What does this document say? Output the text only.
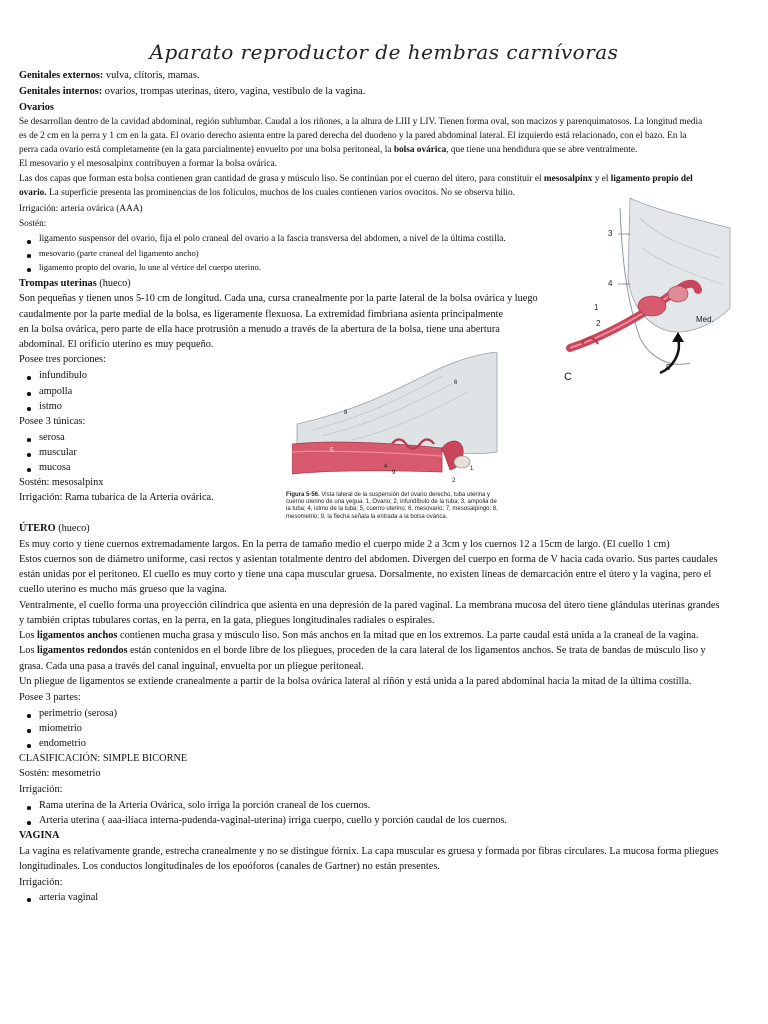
Aparato reproductor de hembras carnívoras
Genitales externos: vulva, clítoris, mamas.
Genitales internos: ovarios, trompas uterinas, útero, vagina, vestíbulo de la vagina.
Ovarios
Se desarrollan dentro de la cavidad abdominal, región sublumbar. Caudal a los riñones, a la altura de LIII y LIV. Tienen forma oval, son macizos y parenquimatosos. La longitud media
es de 2 cm en la perra y 1 cm en la gata. El ovario derecho asienta entre la pared derecha del duodeno y la pared abdominal lateral. El izquierdo está relacionado, con el bazo. En la
perra cada ovario está completamente (en la gata parcialmente) envuelto por una bolsa peritoneal, la bolsa ovárica, que tiene una hendidura que se abre ventralmente.
El mesovario y el mesosalpinx contribuyen a formar la bolsa ovárica.
Las dos capas que forman esta bolsa contienen gran cantidad de grasa y músculo liso. Se continúan por el cuerno del útero, para constituir el mesosalpinx y el ligamento propio del
ovario. La superficie presenta las prominencias de los folículos, muchos de los cuales contienen varios ovocitos. No se observa hilio.
Irrigación: arteria ovárica (AAA)
Sostén:
ligamento suspensor del ovario, fija el polo craneal del ovario a la fascia transversa del abdomen, a nivel de la última costilla.
mesovario (parte craneal del ligamento ancho)
ligamento propio del ovario, lo une al vértice del cuerpo uterino.
Trompas uterinas (hueco)
Son pequeñas y tienen unos 5-10 cm de longitud. Cada una, cursa cranealmente por la parte lateral de la bolsa ovárica y luego
caudalmente por la parte medial de la bolsa, es ligeramente flexuosa. La extremidad fimbriana asienta principalmente
en la bolsa ovárica, pero parte de ella hace protrusión a menudo a través de la abertura de la bolsa, tiene una abertura
abdominal. El orificio uterino es muy pequeño.
Posee tres porciones:
infundíbulo
ampolla
istmo
Posee 3 túnicas:
serosa
muscular
mucosa
Sostén: mesosalpinx
Irrigación: Rama tubarica de la Arteria ovárica.
8
6
5
4
9
2
1
Figura 5-56. Vista lateral de la suspensión del ovario derecho, tuba uterina y cuerno uterino de una yegua. 1, Ovario; 2, infundíbulo de la tuba; 3, ampolla de la tuba; 4, istmo de la tuba; 5, cuerno uterino; 6, mesovario; 7, mesosalpingo; 8, mesometrio; 9, la flecha señala la entrada a la bolsa ovárica.
3
4
1
2
5
Med.
C
ÚTERO (hueco)
Es muy corto y tiene cuernos extremadamente largos. En la perra de tamaño medio el cuerpo mide 2 a 3cm y los cuernos 12 a 15cm de largo. (El cuello 1 cm)
Estos cuernos son de diámetro uniforme, casi rectos y asientan totalmente dentro del abdomen. Divergen del cuerpo en forma de V hacia cada ovario. Sus partes caudales
están unidas por el peritoneo. El cuello es muy corto y tiene una capa muscular gruesa. Dorsalmente, no existen líneas de demarcación entre el útero y la vagina, pero el
cuello uterino es mucho más grueso que la vagina.
Ventralmente, el cuello forma una proyección cilíndrica que asienta en una depresión de la pared vaginal. La membrana mucosa del útero tiene glándulas uterinas grandes
y también criptas tubulares cortas, en la perra, en la gata, pliegues longitudinales radiales o espirales.
Los ligamentos anchos contienen mucha grasa y músculo liso. Son más anchos en la mitad que en los extremos. La parte caudal está unida a la craneal de la vagina.
Los ligamentos redondos están contenidos en el borde libre de los pliegues, proceden de la cara lateral de los ligamentos anchos. Se trata de bandas de músculo liso y
grasa. Cada una pasa a través del canal inguinal, envuelta por un pliegue peritoneal.
Un pliegue de ligamentos se extiende cranealmente a partir de la bolsa ovárica lateral al riñón y está unida a la pared abdominal hacia la mitad de la última costilla.
Posee 3 partes:
perimetrio (serosa)
miometrio
endometrio
CLASIFICACIÓN: SIMPLE BICORNE
Sostén: mesometrio
Irrigación:
Rama uterina de la Arteria Ovárica, solo irriga la porción craneal de los cuernos.
Arteria uterina ( aaa-ilíaca interna-pudenda-vaginal-uterina) irriga cuerpo, cuello y porción caudal de los cuernos.
VAGINA
La vagina es relativamente grande, estrecha cranealmente y no se distingue fórnix. La capa muscular es gruesa y formada por fibras circulares. La mucosa forma pliegues
longitudinales. Los conductos longitudinales de los epoóforos (canales de Gartner) no están presentes.
Irrigación:
arteria vaginal
